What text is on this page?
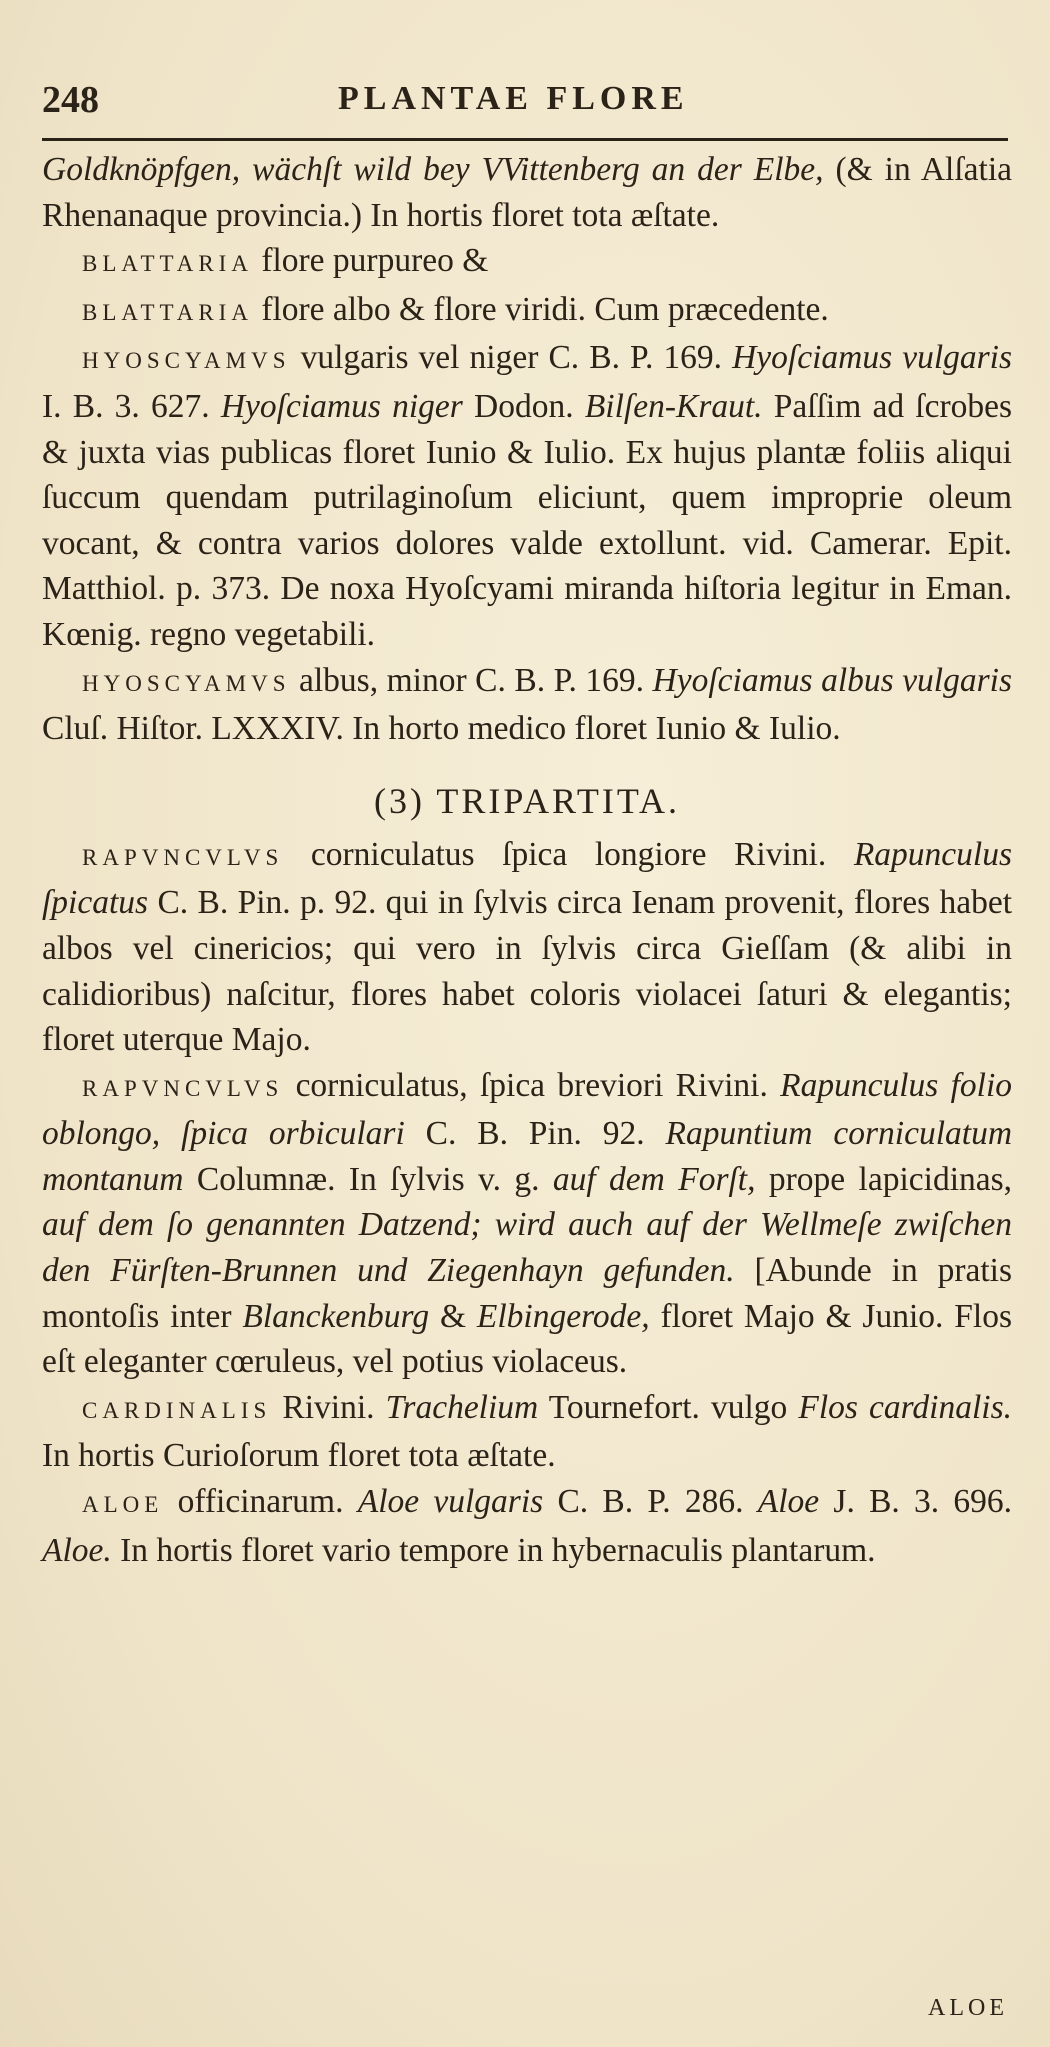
248	PLANTAE FLORE

Goldknöpfgen, wächſt wild bey VVittenberg an der Elbe, (& in Alſatia Rhenanaque provincia.) In hortis floret tota æſtate.

BLATTARIA flore purpureo &

BLATTARIA flore albo & flore viridi. Cum præcedente.

HYOSCYAMVS vulgaris vel niger C. B. P. 169. Hyoſciamus vulgaris I. B. 3. 627. Hyoſciamus niger Dodon. Bilſen-Kraut. Paſſim ad ſcrobes & juxta vias publicas floret Iunio & Iulio. Ex hujus plantæ foliis aliqui ſuccum quendam putrilaginoſum eliciunt, quem improprie oleum vocant, & contra varios dolores valde extollunt. vid. Camerar. Epit. Matthiol. p. 373. De noxa Hyoſcyami miranda hiſtoria legitur in Eman. Kœnig. regno vegetabili.

HYOSCYAMVS albus, minor C. B. P. 169. Hyoſciamus albus vulgaris Cluſ. Hiſtor. LXXXIV. In horto medico floret Iunio & Iulio.

(3) TRIPARTITA.

RAPVNCVLVS corniculatus ſpica longiore Rivini. Rapunculus ſpicatus C. B. Pin. p. 92. qui in ſylvis circa Ienam provenit, flores habet albos vel cinericios; qui vero in ſylvis circa Gieſſam (& alibi in calidioribus) naſcitur, flores habet coloris violacei ſaturi & elegantis; floret uterque Majo.

RAPVNCVLVS corniculatus, ſpica breviori Rivini. Rapunculus folio oblongo, ſpica orbiculari C. B. Pin. 92. Rapuntium corniculatum montanum Columnæ. In ſylvis v. g. auf dem Forſt, prope lapicidinas, auf dem ſo genannten Datzend; wird auch auf der Wellmeſe zwiſchen den Fürſten-Brunnen und Ziegenhayn gefunden. [Abunde in pratis montoſis inter Blanckenburg & Elbingerode, floret Majo & Junio. Flos eſt eleganter cœruleus, vel potius violaceus.

CARDINALIS Rivini. Trachelium Tournefort. vulgo Flos cardinalis. In hortis Curioſorum floret tota æſtate.

ALOE officinarum. Aloe vulgaris C. B. P. 286. Aloe J. B. 3. 696. Aloe. In hortis floret vario tempore in hybernaculis plantarum.

ALOE
